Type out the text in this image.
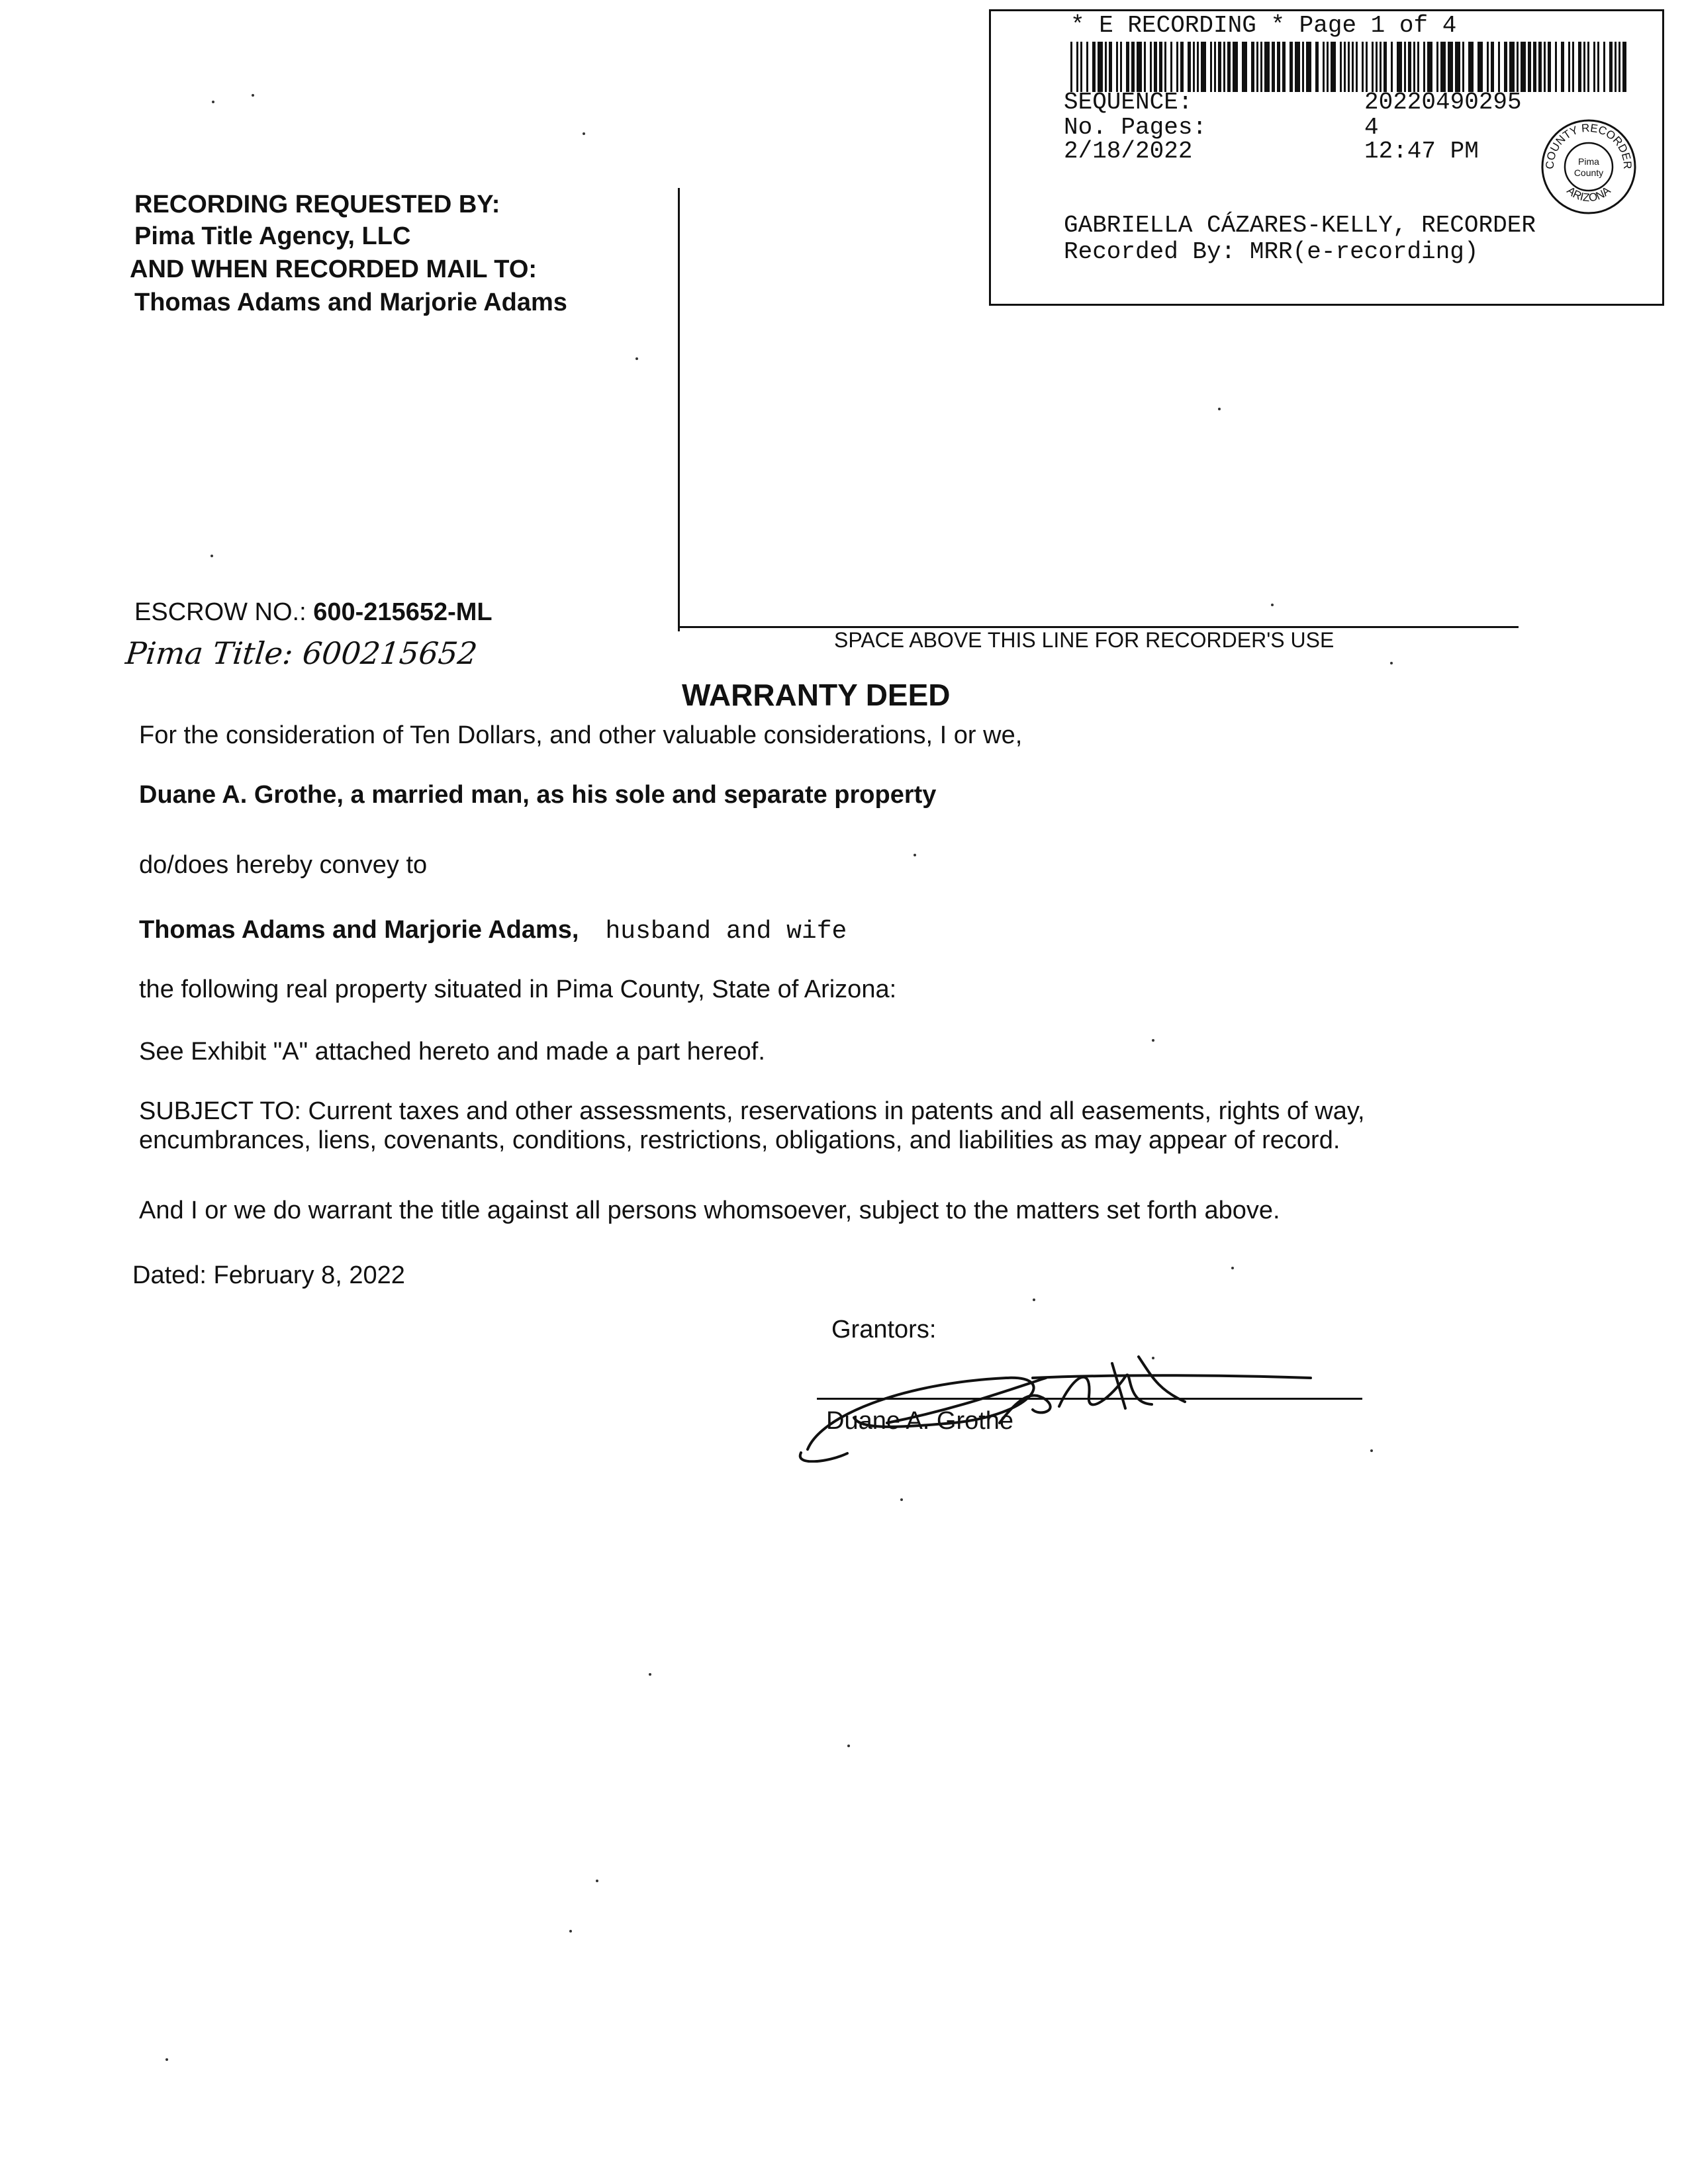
* E RECORDING * Page 1 of 4
SEQUENCE:	20220490295
No. Pages:	4
2/18/2022	12:47 PM
GABRIELLA CÁZARES-KELLY, RECORDER
Recorded By: MRR(e-recording)
COUNTY RECORDER
ARIZONA
Pima
County
RECORDING REQUESTED BY:
Pima Title Agency, LLC
AND WHEN RECORDED MAIL TO:
Thomas Adams and Marjorie Adams
ESCROW NO.: 600-215652-ML
Pima Title: 600215652	SPACE ABOVE THIS LINE FOR RECORDER'S USE
WARRANTY DEED
For the consideration of Ten Dollars, and other valuable considerations, I or we,
Duane A. Grothe, a married man, as his sole and separate property
do/does hereby convey to
Thomas Adams and Marjorie Adams, husband and wife
the following real property situated in Pima County, State of Arizona:
See Exhibit "A" attached hereto and made a part hereof.
SUBJECT TO: Current taxes and other assessments, reservations in patents and all easements, rights of way,
encumbrances, liens, covenants, conditions, restrictions, obligations, and liabilities as may appear of record.
And I or we do warrant the title against all persons whomsoever, subject to the matters set forth above.
Dated: February 8, 2022
Grantors:
Duane A. Grothe
